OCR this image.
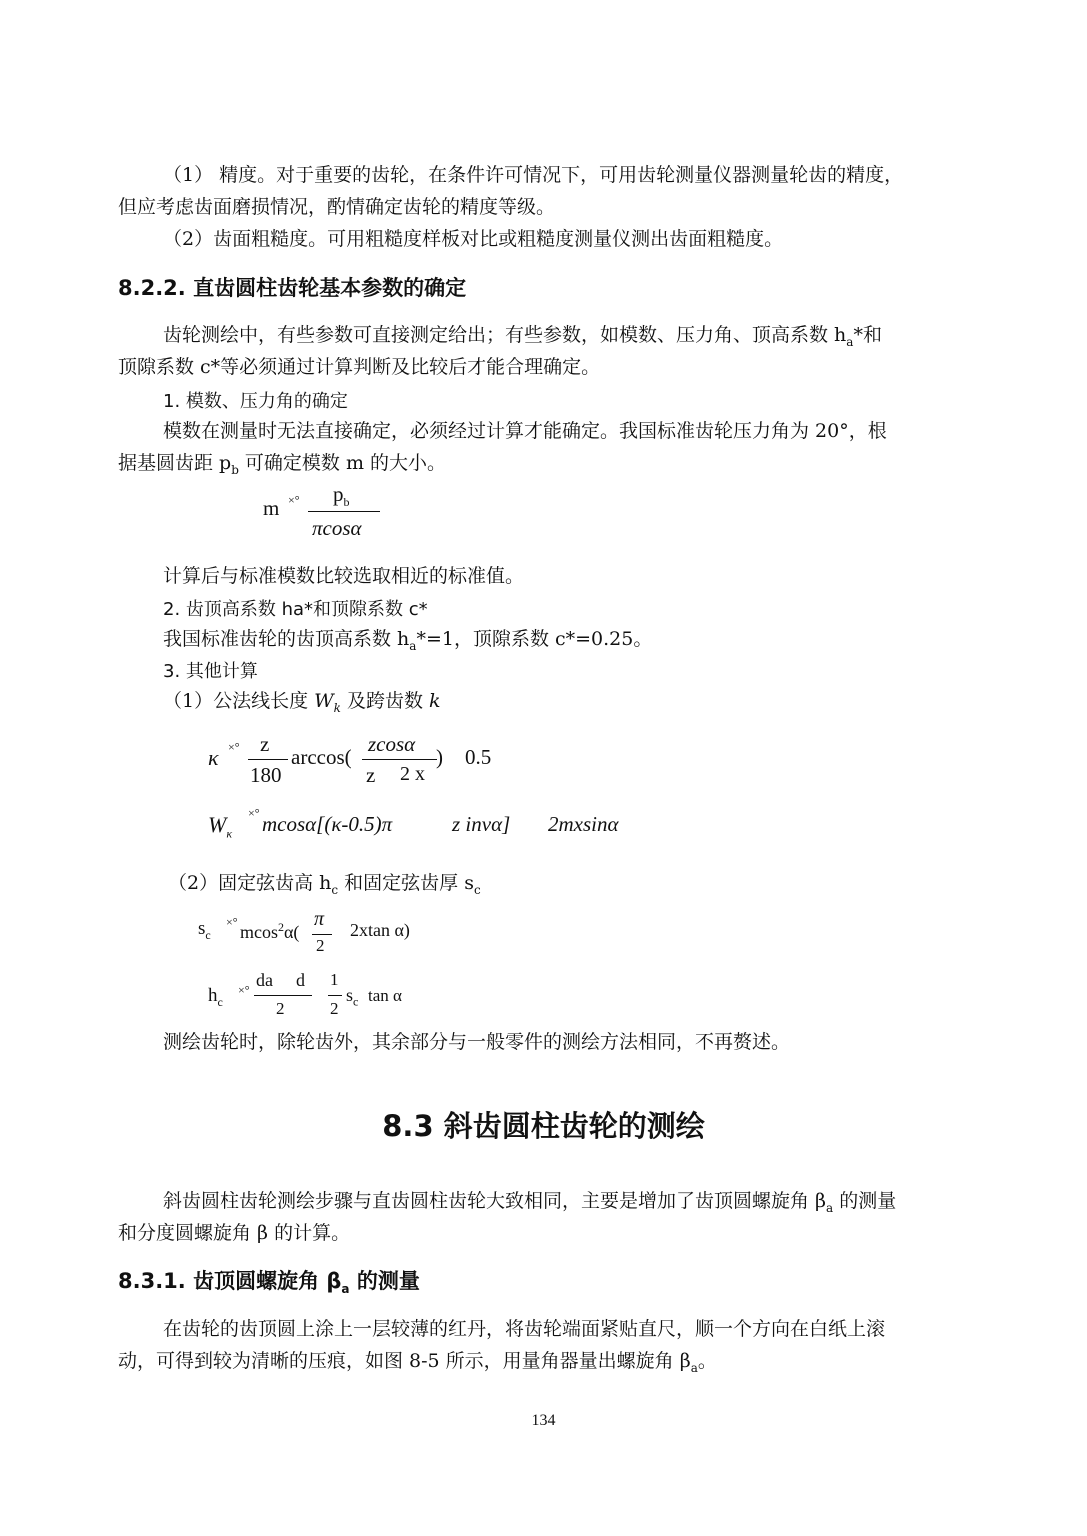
（1） 精度。对于重要的齿轮，在条件许可情况下，可用齿轮测量仪器测量轮齿的精度，
但应考虑齿面磨损情况，酌情确定齿轮的精度等级。
（2）齿面粗糙度。可用粗糙度样板对比或粗糙度测量仪测出齿面粗糙度。
8.2.2. 直齿圆柱齿轮基本参数的确定
齿轮测绘中，有些参数可直接测定给出；有些参数，如模数、压力角、顶高系数 $h_a*$和
顶隙系数 c*等必须通过计算判断及比较后才能合理确定。
1. 模数、压力角的确定
模数在测量时无法直接确定，必须经过计算才能确定。我国标准齿轮压力角为 20°，根
据基圆齿距 $p_b$ 可确定模数 m 的大小。
m ×° $p_b$
πcosα
计算后与标准模数比较选取相近的标准值。
2. 齿顶高系数 ha*和顶隙系数 c*
我国标准齿轮的齿顶高系数 $h_a*=1$，顶隙系数 c*=0.25。
3. 其他计算
（1）公法线长度 $W_k$ 及跨齿数 k
κ ×° z
180
arccos(
zcosα
z 2 x
) 0.5
$W_\kappa$
×° mcosα[(κ-0.5)π	z invα] 2mxsinα
（2）固定弦齿高 $h_c$ 和固定弦齿厚 $s_c$
$s_c$
×° mcos$^2$α(
π
2
2xtan α)
$h_c$
×° da d
2
1
2
$s_c$ tan α
测绘齿轮时，除轮齿外，其余部分与一般零件的测绘方法相同，不再赘述。
8.3 斜齿圆柱齿轮的测绘
斜齿圆柱齿轮测绘步骤与直齿圆柱齿轮大致相同，主要是增加了齿顶圆螺旋角 $\beta_a$ 的测量
和分度圆螺旋角 β 的计算。
8.3.1. 齿顶圆螺旋角 $\beta_a$ 的测量
在齿轮的齿顶圆上涂上一层较薄的红丹，将齿轮端面紧贴直尺，顺一个方向在白纸上滚
动，可得到较为清晰的压痕，如图 8-5 所示，用量角器量出螺旋角 $\beta_a$。
134
